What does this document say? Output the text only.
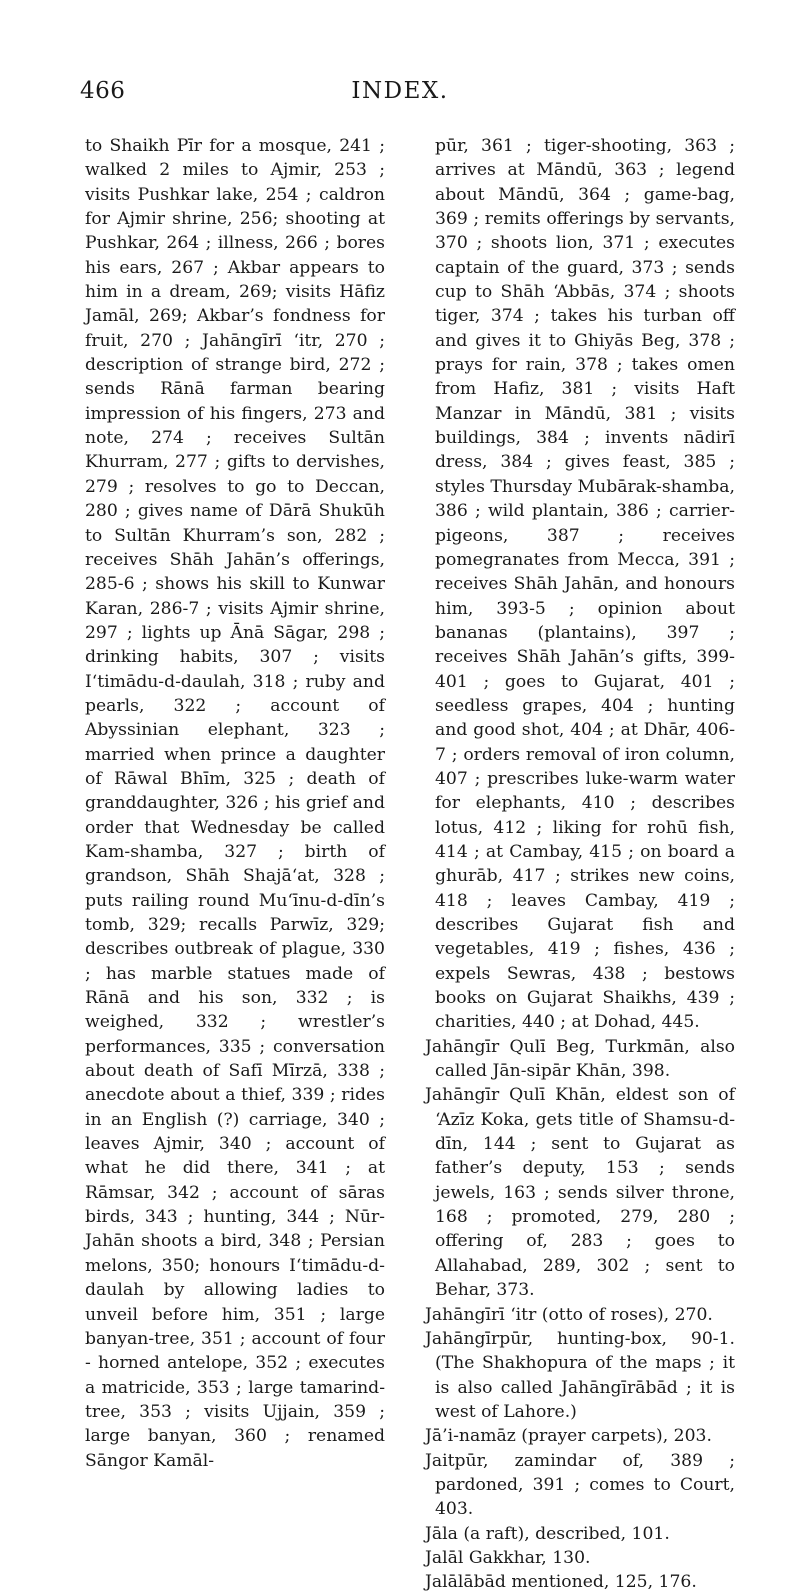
466	INDEX.

to Shaikh Pīr for a mosque, 241 ; walked 2 miles to Ajmir, 253 ; visits Pushkar lake, 254 ; caldron for Ajmir shrine, 256; shooting at Pushkar, 264 ; illness, 266 ; bores his ears, 267 ; Akbar appears to him in a dream, 269; visits Hāfiz Jamāl, 269; Akbar’s fondness for fruit, 270 ; Jahāngīrī ‘itr, 270 ; description of strange bird, 272 ; sends Rānā farman bearing impression of his fingers, 273 and note, 274 ; receives Sultān Khurram, 277 ; gifts to dervishes, 279 ; resolves to go to Deccan, 280 ; gives name of Dārā Shukūh to Sultān Khurram’s son, 282 ; receives Shāh Jahān’s offerings, 285-6 ; shows his skill to Kunwar Karan, 286-7 ; visits Ajmir shrine, 297 ; lights up Ānā Sāgar, 298 ; drinking habits, 307 ; visits I‘timādu-d-daulah, 318 ; ruby and pearls, 322 ; account of Abyssinian elephant, 323 ; married when prince a daughter of Rāwal Bhīm, 325 ; death of granddaughter, 326 ; his grief and order that Wednesday be called Kam-shamba, 327 ; birth of grandson, Shāh Shajā‘at, 328 ; puts railing round Mu‘īnu-d-dīn’s tomb, 329; recalls Parwīz, 329; describes outbreak of plague, 330 ; has marble statues made of Rānā and his son, 332 ; is weighed, 332 ; wrestler’s performances, 335 ; conversation about death of Safī Mīrzā, 338 ; anecdote about a thief, 339 ; rides in an English (?) carriage, 340 ; leaves Ajmir, 340 ; account of what he did there, 341 ; at Rāmsar, 342 ; account of sāras birds, 343 ; hunting, 344 ; Nūr-Jahān shoots a bird, 348 ; Persian melons, 350; honours I‘timādu-d-daulah by allowing ladies to unveil before him, 351 ; large banyan-tree, 351 ; account of four - horned antelope, 352 ; executes a matricide, 353 ; large tamarind-tree, 353 ; visits Ujjain, 359 ; large banyan, 360 ; renamed Sāngor Kamāl-

pūr, 361 ; tiger-shooting, 363 ; arrives at Māndū, 363 ; legend about Māndū, 364 ; game-bag, 369 ; remits offerings by servants, 370 ; shoots lion, 371 ; executes captain of the guard, 373 ; sends cup to Shāh ‘Abbās, 374 ; shoots tiger, 374 ; takes his turban off and gives it to Ghiyās Beg, 378 ; prays for rain, 378 ; takes omen from Hafiz, 381 ; visits Haft Manzar in Māndū, 381 ; visits buildings, 384 ; invents nādirī dress, 384 ; gives feast, 385 ; styles Thursday Mubārak-shamba, 386 ; wild plantain, 386 ; carrier-pigeons, 387 ; receives pomegranates from Mecca, 391 ; receives Shāh Jahān, and honours him, 393-5 ; opinion about bananas (plantains), 397 ; receives Shāh Jahān’s gifts, 399-401 ; goes to Gujarat, 401 ; seedless grapes, 404 ; hunting and good shot, 404 ; at Dhār, 406-7 ; orders removal of iron column, 407 ; prescribes luke-warm water for elephants, 410 ; describes lotus, 412 ; liking for rohū fish, 414 ; at Cambay, 415 ; on board a ghurāb, 417 ; strikes new coins, 418 ; leaves Cambay, 419 ; describes Gujarat fish and vegetables, 419 ; fishes, 436 ; expels Sewras, 438 ; bestows books on Gujarat Shaikhs, 439 ; charities, 440 ; at Dohad, 445.

Jahāngīr Qulī Beg, Turkmān, also called Jān-sipār Khān, 398.

Jahāngīr Qulī Khān, eldest son of ‘Azīz Koka, gets title of Shamsu-d-dīn, 144 ; sent to Gujarat as father’s deputy, 153 ; sends jewels, 163 ; sends silver throne, 168 ; promoted, 279, 280 ; offering of, 283 ; goes to Allahabad, 289, 302 ; sent to Behar, 373.

Jahāngīrī ‘itr (otto of roses), 270.

Jahāngīrpūr, hunting-box, 90-1. (The Shakhopura of the maps ; it is also called Jahāngīrābād ; it is west of Lahore.)

Jā’i-namāz (prayer carpets), 203.

Jaitpūr, zamindar of, 389 ; pardoned, 391 ; comes to Court, 403.

Jāla (a raft), described, 101.

Jalāl Gakkhar, 130.

Jalālābād mentioned, 125, 176.
